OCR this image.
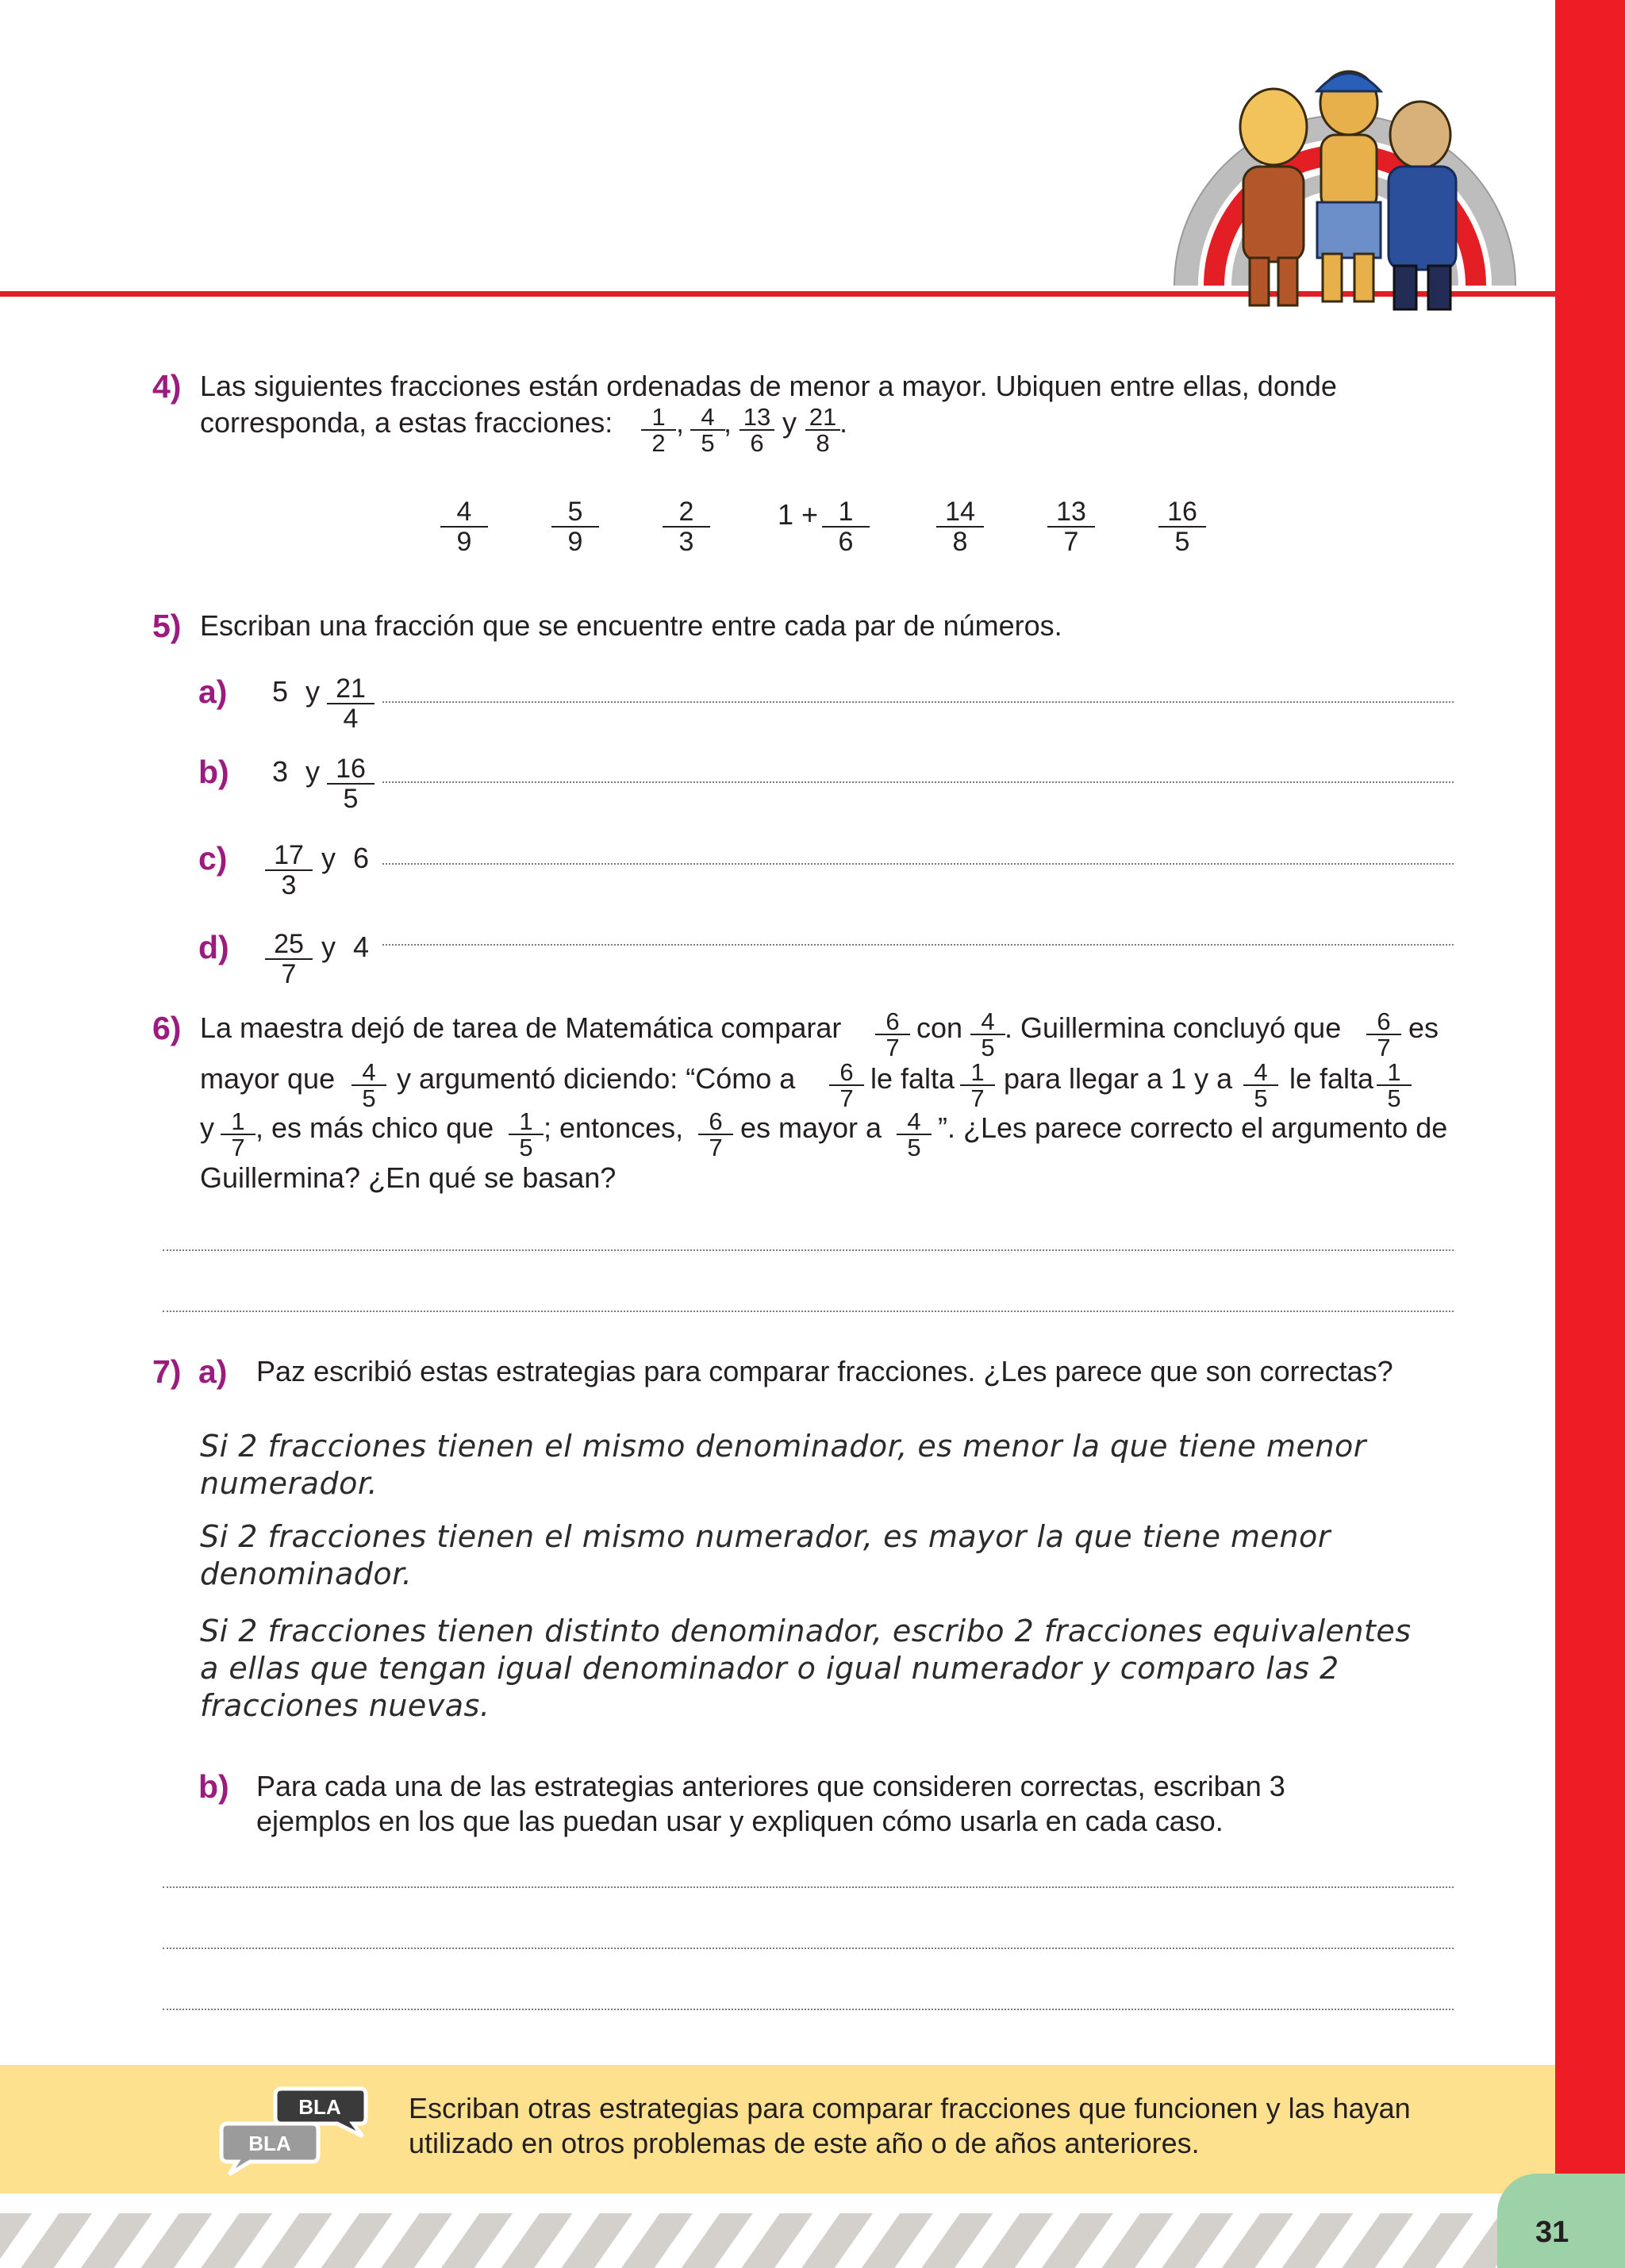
4) Las siguientes fracciones están ordenadas de menor a mayor. Ubiquen entre ellas, donde
corresponda, a estas fracciones: $\frac{1}{2}$ , $\frac{4}{5}$
, $\frac{13}{6}$ y $\frac{21}{8}$ .
$\frac{4}{9} \frac{5}{9} \frac{2}{3} 1 + \frac{1}{6} \frac{14}{8} \frac{13}{7} \frac{16}{5}$
5) Escriban una fracción que se encuentre entre cada par de números.
a) 5 y $\frac{21}{4}$
b) 3 y $\frac{16}{5}$
$c) \frac{17}{3}$ y 6
$d) \frac{25}{7}$ y 4
6) La maestra dejó de tarea de Matemática comparar $\frac{6}{7}$ con $\frac{4}{5}$ . Guillermina concluyó que $\frac{6}{7}$ es
mayor que $\frac{4}{5}$ y argumentó diciendo: “Cómo a $\frac{6}{7}$ le falta $\frac{1}{7}$ para llegar a 1 y a $\frac{4}{5}$ le falta $\frac{1}{5}$
y $\frac{1}{7}$ , es más chico que $\frac{1}{5}$ ; entonces, $\frac{6}{7}$ es mayor a $\frac{4}{5}$ ”. ¿Les parece correcto el argumento de
Guillermina? ¿En qué se basan?
7) a) Paz escribió estas estrategias para comparar fracciones. ¿Les parece que son correctas?
Si 2 fracciones tienen el mismo denominador, es menor la que tiene menor
numerador.
Si 2 fracciones tienen el mismo numerador, es mayor la que tiene menor
denominador.
Si 2 fracciones tienen distinto denominador, escribo 2 fracciones equivalentes
a ellas que tengan igual denominador o igual numerador y comparo las 2
fracciones nuevas.
b) Para cada una de las estrategias anteriores que consideren correctas, escriban 3
ejemplos en los que las puedan usar y expliquen cómo usarla en cada caso.
BLA
BLA
Escriban otras estrategias para comparar fracciones que funcionen y las hayan
utilizado en otros problemas de este año o de años anteriores.
31
